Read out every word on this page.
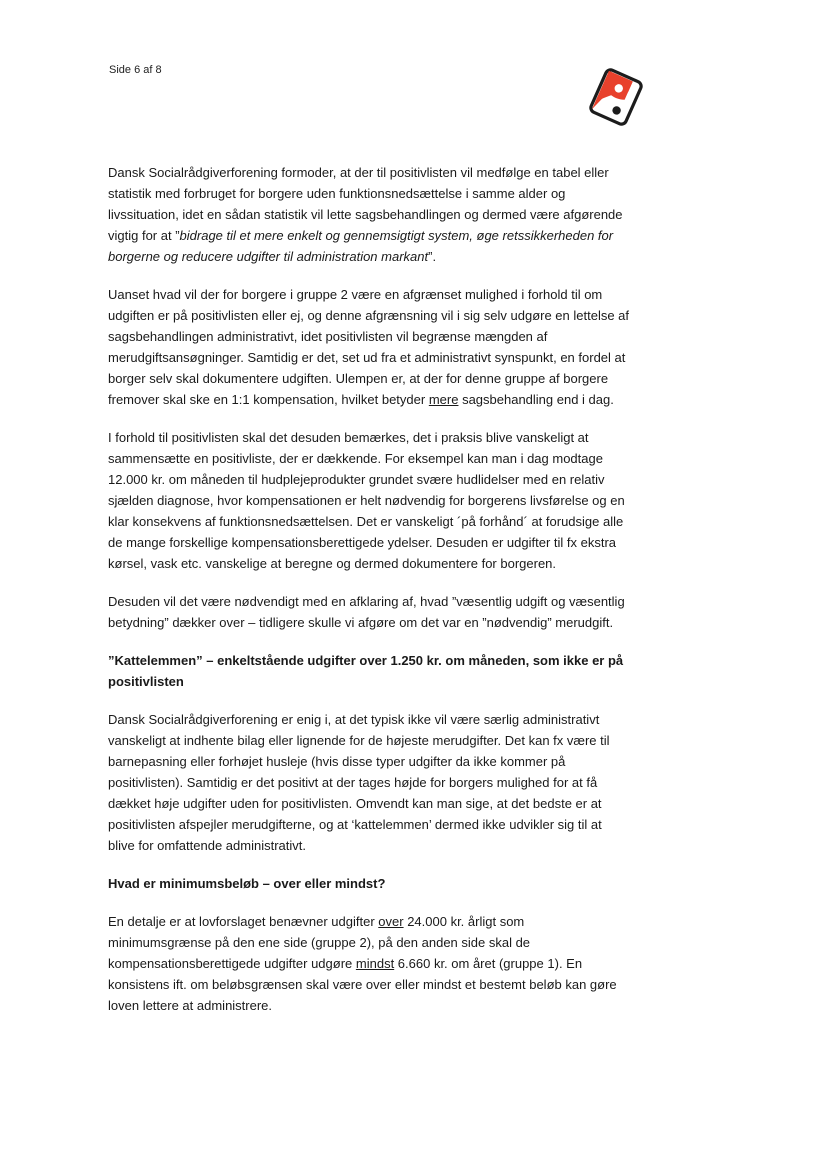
Side 6 af 8

Dansk Socialrådgiverforening formoder, at der til positivlisten vil medfølge en tabel eller statistik med forbruget for borgere uden funktionsnedsættelse i samme alder og livssituation, idet en sådan statistik vil lette sagsbehandlingen og dermed være afgørende vigtig for at ”bidrage til et mere enkelt og gennemsigtigt system, øge retssikkerheden for borgerne og reducere udgifter til administration markant”.

Uanset hvad vil der for borgere i gruppe 2 være en afgrænset mulighed i forhold til om udgiften er på positivlisten eller ej, og denne afgrænsning vil i sig selv udgøre en lettelse af sagsbehandlingen administrativt, idet positivlisten vil begrænse mængden af merudgiftsansøgninger. Samtidig er det, set ud fra et administrativt synspunkt, en fordel at borger selv skal dokumentere udgiften. Ulempen er, at der for denne gruppe af borgere fremover skal ske en 1:1 kompensation, hvilket betyder mere sagsbehandling end i dag.

I forhold til positivlisten skal det desuden bemærkes, det i praksis blive vanskeligt at sammensætte en positivliste, der er dækkende. For eksempel kan man i dag modtage 12.000 kr. om måneden til hudplejeprodukter grundet svære hudlidelser med en relativ sjælden diagnose, hvor kompensationen er helt nødvendig for borgerens livsførelse og en klar konsekvens af funktionsnedsættelsen. Det er vanskeligt ´på forhånd´ at forudsige alle de mange forskellige kompensationsberettigede ydelser. Desuden er udgifter til fx ekstra kørsel, vask etc. vanskelige at beregne og dermed dokumentere for borgeren.

Desuden vil det være nødvendigt med en afklaring af, hvad ”væsentlig udgift og væsentlig betydning” dækker over – tidligere skulle vi afgøre om det var en ”nødvendig” merudgift.

”Kattelemmen” – enkeltstående udgifter over 1.250 kr. om måneden, som ikke er på positivlisten

Dansk Socialrådgiverforening er enig i, at det typisk ikke vil være særlig administrativt vanskeligt at indhente bilag eller lignende for de højeste merudgifter. Det kan fx være til barnepasning eller forhøjet husleje (hvis disse typer udgifter da ikke kommer på positivlisten). Samtidig er det positivt at der tages højde for borgers mulighed for at få dækket høje udgifter uden for positivlisten. Omvendt kan man sige, at det bedste er at positivlisten afspejler merudgifterne, og at ‘kattelemmen’ dermed ikke udvikler sig til at blive for omfattende administrativt.

Hvad er minimumsbeløb – over eller mindst?

En detalje er at lovforslaget benævner udgifter over 24.000 kr. årligt som minimumsgrænse på den ene side (gruppe 2), på den anden side skal de kompensationsberettigede udgifter udgøre mindst 6.660 kr. om året (gruppe 1). En konsistens ift. om beløbsgrænsen skal være over eller mindst et bestemt beløb kan gøre loven lettere at administrere.
